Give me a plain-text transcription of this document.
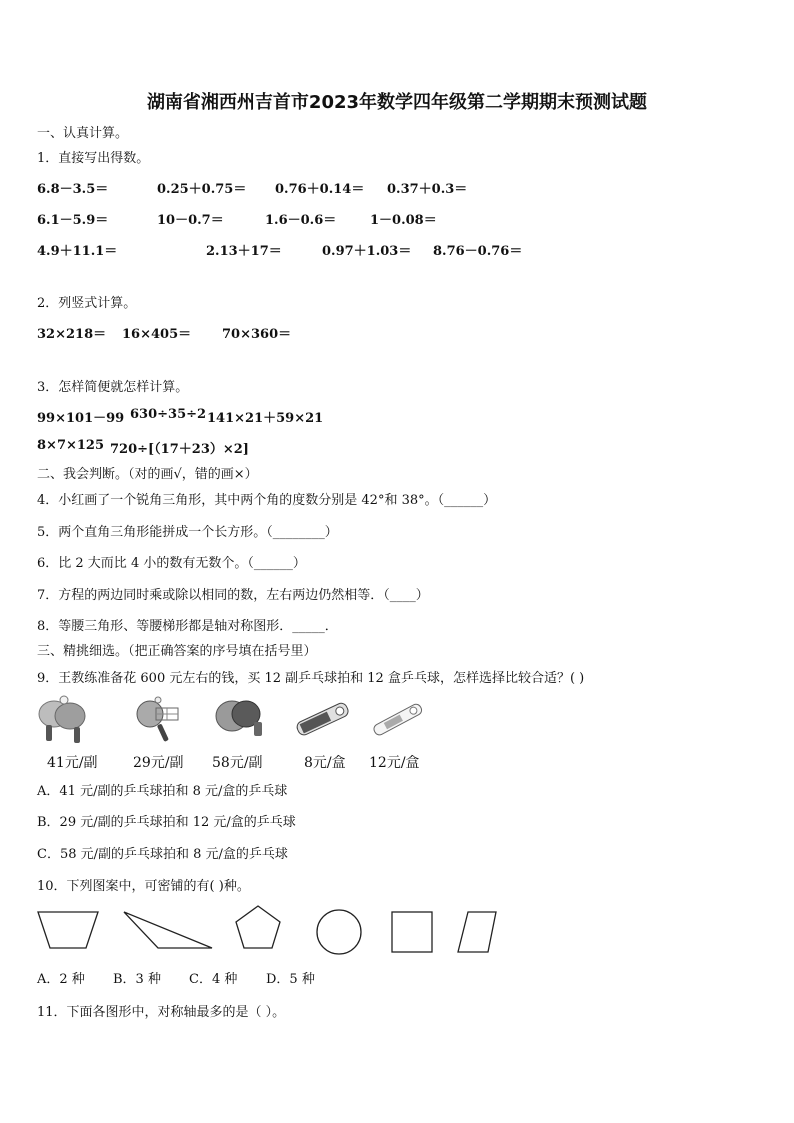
湖南省湘西州吉首市2023年数学四年级第二学期期末预测试题
一、认真计算。
1．直接写出得数。
6.8－3.5＝	0.25＋0.75＝ 0.76＋0.14＝ 0.37＋0.3＝
6.1－5.9＝	10－0.7＝	1.6－0.6＝	1－0.08＝
4.9＋11.1＝	2.13＋17＝	0.97＋1.03＝ 8.76－0.76＝
2．列竖式计算。
32×218＝ 16×405＝ 70×360＝
3．怎样简便就怎样计算。
99×101－99 630÷35÷2 141×21＋59×21
8×7×125 720÷[（17＋23）×2]
二、我会判断。（对的画√，错的画×）
4．小红画了一个锐角三角形，其中两个角的度数分别是 42°和 38°。（______）
5．两个直角三角形能拼成一个长方形。（________）
6．比 2 大而比 4 小的数有无数个。（______）
7．方程的两边同时乘或除以相同的数，左右两边仍然相等．（____）
8．等腰三角形、等腰梯形都是轴对称图形．_____．
三、精挑细选。（把正确答案的序号填在括号里）
9．王教练准备花 600 元左右的钱，买 12 副乒乓球拍和 12 盒乒乓球，怎样选择比较合适？( )
41元/副	29元/副 58元/副	8元/盒 12元/盒
A．41 元/副的乒乓球拍和 8 元/盒的乒乓球
B．29 元/副的乒乓球拍和 12 元/盒的乒乓球
C．58 元/副的乒乓球拍和 8 元/盒的乒乓球
10．下列图案中，可密铺的有( )种。
A．2 种 B．3 种 C．4 种 D．5 种
11．下面各图形中，对称轴最多的是（ ）。
